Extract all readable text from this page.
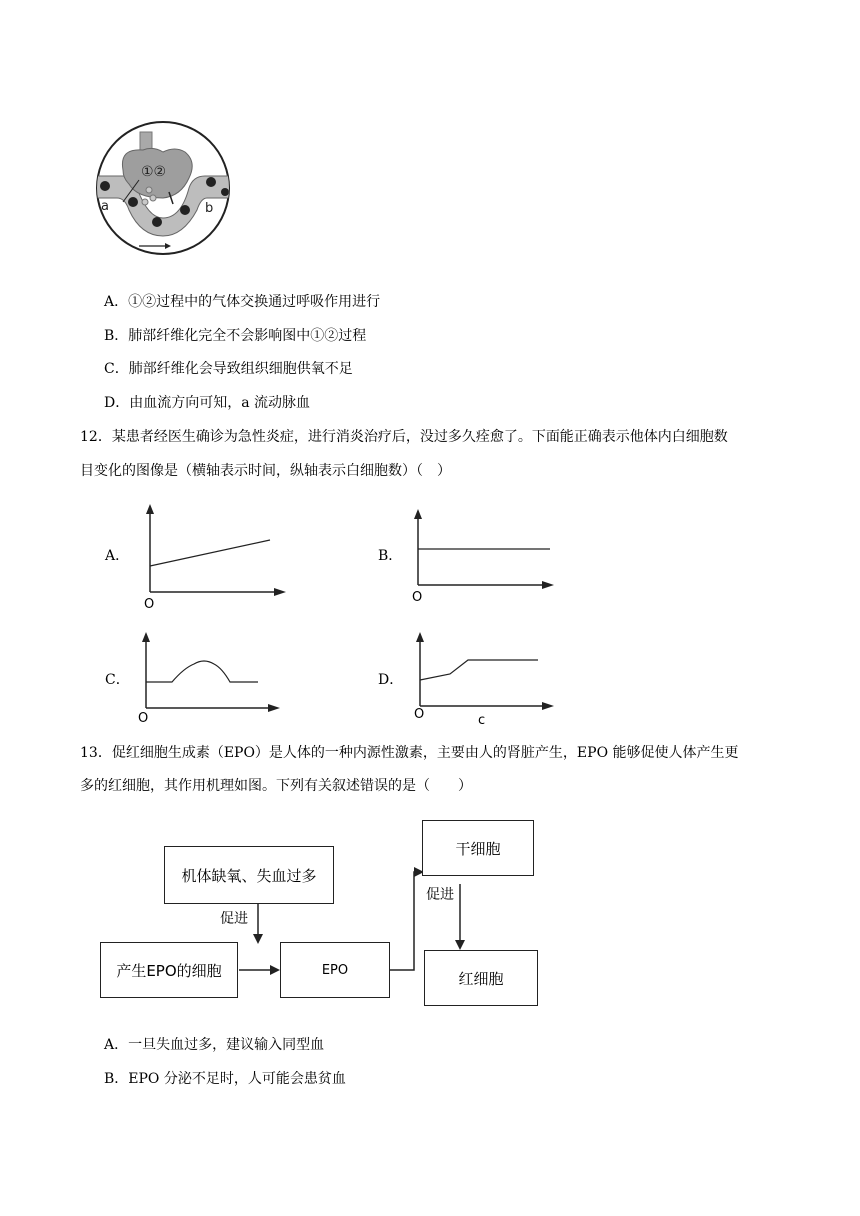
①②
a	b
A．①②过程中的气体交换通过呼吸作用进行
B．肺部纤维化完全不会影响图中①②过程
C．肺部纤维化会导致组织细胞供氧不足
D．由血流方向可知，a 流动脉血
12．某患者经医生确诊为急性炎症，进行消炎治疗后，没过多久痊愈了。下面能正确表示他体内白细胞数
目变化的图像是（横轴表示时间，纵轴表示白细胞数）（　）
A．
O
B．
O
C．
O
D．
O	c
13．促红细胞生成素（EPO）是人体的一种内源性激素，主要由人的肾脏产生，EPO 能够促使人体产生更
多的红细胞，其作用机理如图。下列有关叙述错误的是（　　）
机体缺氧、失血过多
促进
产生EPO的细胞	EPO
促进
干细胞
红细胞
A．一旦失血过多，建议输入同型血
B．EPO 分泌不足时，人可能会患贫血
